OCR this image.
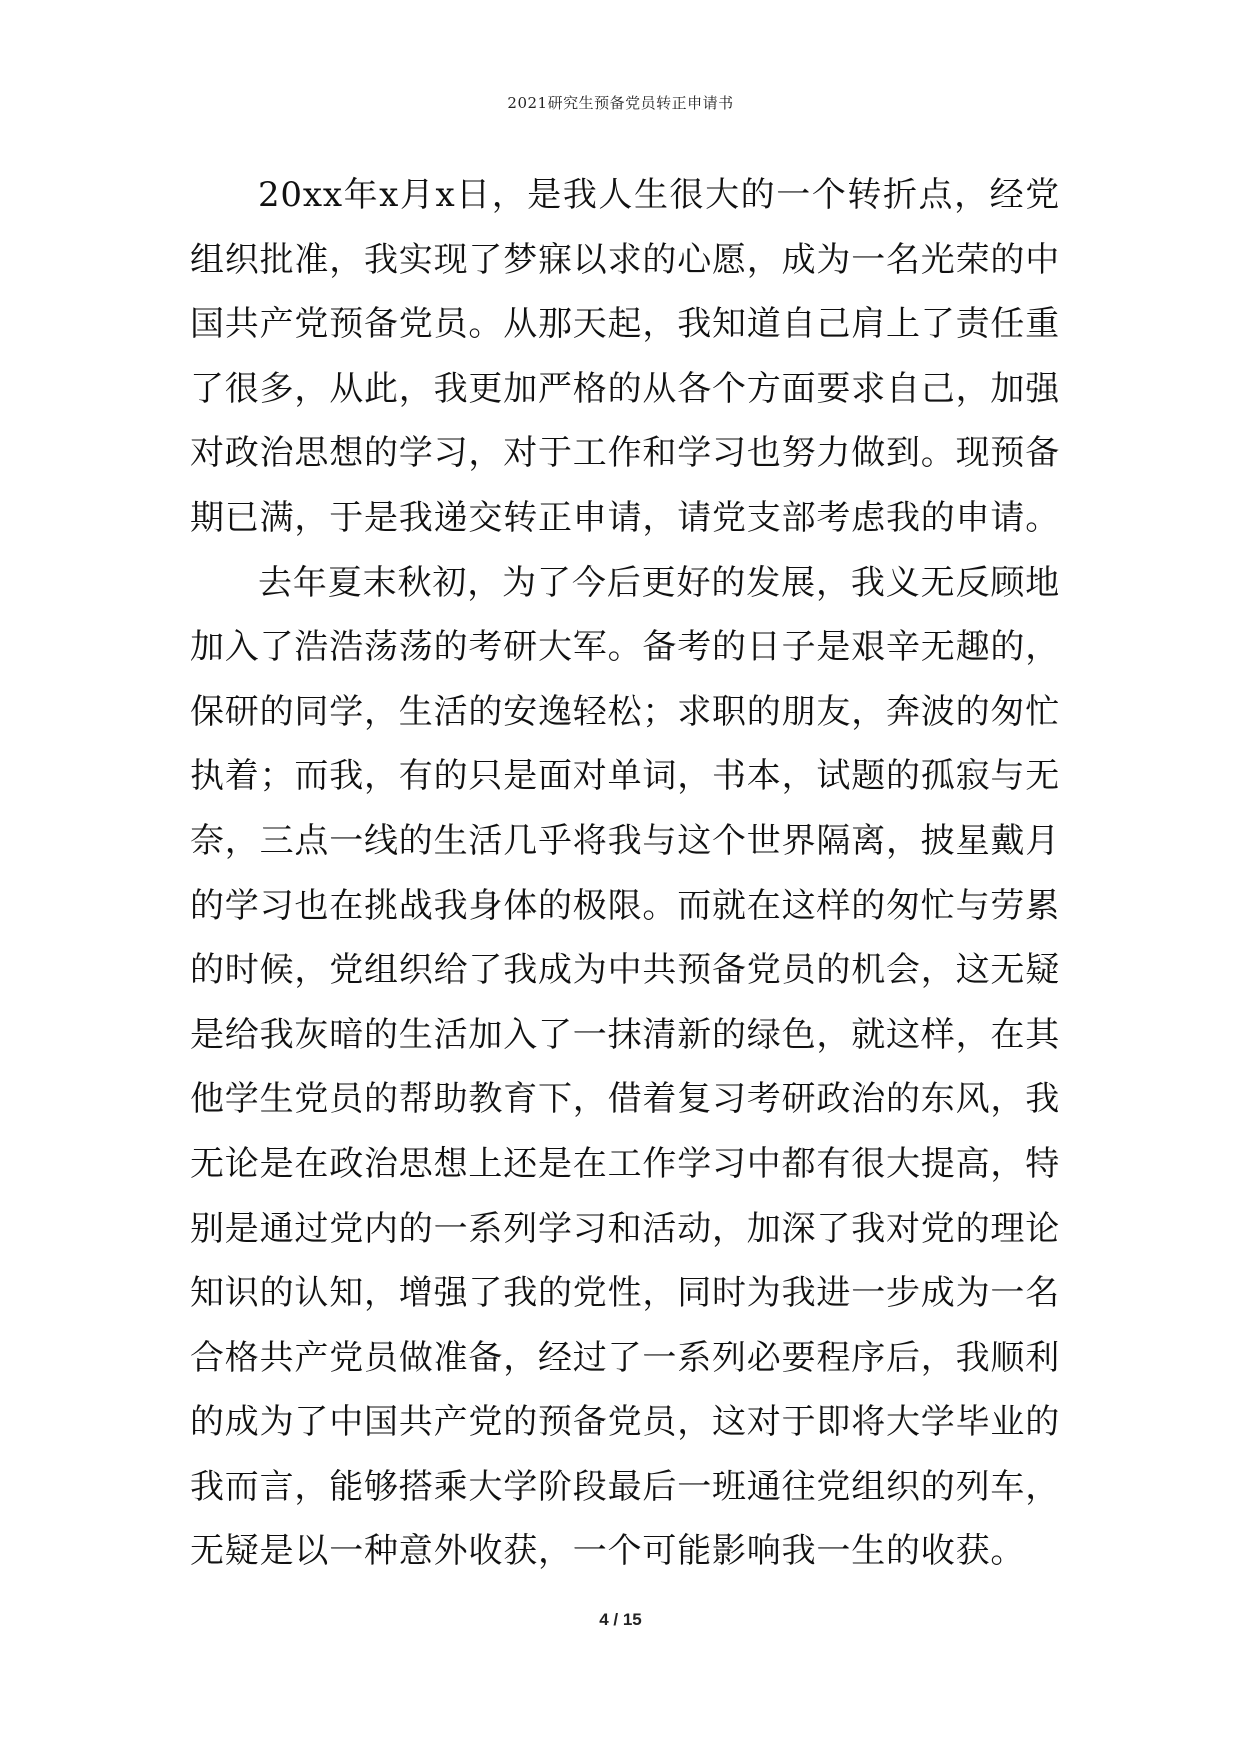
2021研究生预备党员转正申请书

20xx年x月x日，是我人生很大的一个转折点，经党组织批准，我实现了梦寐以求的心愿，成为一名光荣的中国共产党预备党员。从那天起，我知道自己肩上了责任重了很多，从此，我更加严格的从各个方面要求自己，加强对政治思想的学习，对于工作和学习也努力做到。现预备期已满，于是我递交转正申请，请党支部考虑我的申请。

去年夏末秋初，为了今后更好的发展，我义无反顾地加入了浩浩荡荡的考研大军。备考的日子是艰辛无趣的，保研的同学，生活的安逸轻松；求职的朋友，奔波的匆忙执着；而我，有的只是面对单词，书本，试题的孤寂与无奈，三点一线的生活几乎将我与这个世界隔离，披星戴月的学习也在挑战我身体的极限。而就在这样的匆忙与劳累的时候，党组织给了我成为中共预备党员的机会，这无疑是给我灰暗的生活加入了一抹清新的绿色，就这样，在其他学生党员的帮助教育下，借着复习考研政治的东风，我无论是在政治思想上还是在工作学习中都有很大提高，特别是通过党内的一系列学习和活动，加深了我对党的理论知识的认知，增强了我的党性，同时为我进一步成为一名合格共产党员做准备，经过了一系列必要程序后，我顺利的成为了中国共产党的预备党员，这对于即将大学毕业的我而言，能够搭乘大学阶段最后一班通往党组织的列车，无疑是以一种意外收获，一个可能影响我一生的收获。

4 / 15
